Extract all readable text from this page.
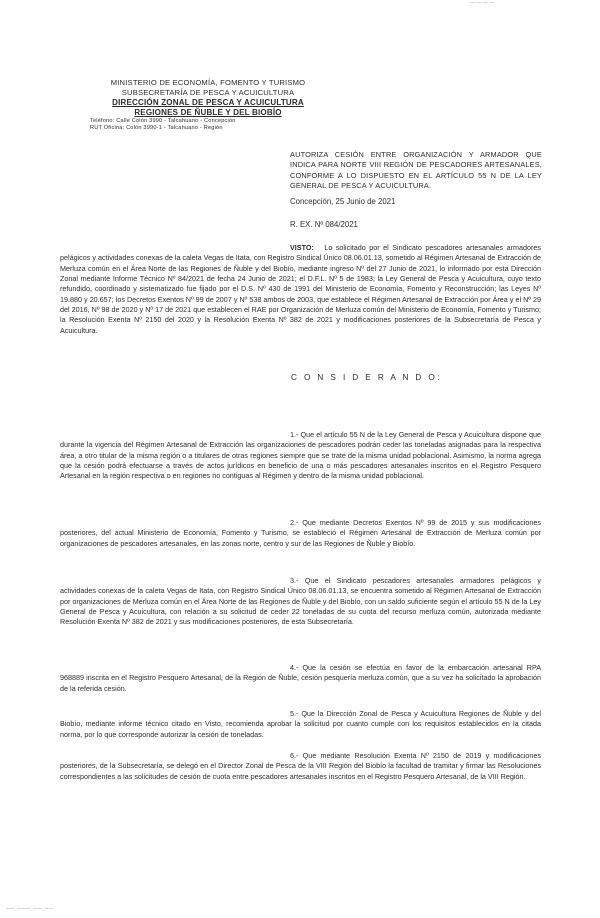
— — — —
MINISTERIO DE ECONOMÍA, FOMENTO Y TURISMO
SUBSECRETARÍA DE PESCA Y ACUICULTURA
DIRECCIÓN ZONAL DE PESCA Y ACUICULTURA
REGIONES DE ÑUBLE Y DEL BIOBÍO
Teléfono: Calle Colón 3990 - Talcahuano - Concepción
RUT Oficina: Colón 3990-1 - Talcahuano - Región
AUTORIZA CESIÓN ENTRE ORGANIZACIÓN Y ARMADOR QUE INDICA PARA NORTE VIII REGIÓN DE PESCADORES ARTESANALES, CONFORME A LO DISPUESTO EN EL ARTÍCULO 55 N DE LA LEY GENERAL DE PESCA Y ACUICULTURA.
Concepción, 25 Junio de 2021
R. EX. Nº 084/2021

VISTO: Lo solicitado por el Sindicato pescadores artesanales armadores pelágicos y actividades conexas de la caleta Vegas de Itata, con Registro Sindical Único 08.06.01.13, sometido al Régimen Artesanal de Extracción de Merluza común en el Área Norte de las Regiones de Ñuble y del Biobío, mediante ingreso Nº del 27 Junio de 2021, lo informado por esta Dirección Zonal mediante Informe Técnico Nº 84/2021 de fecha 24 Junio de 2021; el D.F.L. Nº 5 de 1983; la Ley General de Pesca y Acuicultura, cuyo texto refundido, coordinado y sistematizado fue fijado por el D.S. Nº 430 de 1991 del Ministerio de Economía, Fomento y Reconstrucción; las Leyes Nº 19.880 y 20.657; los Decretos Exentos Nº 99 de 2007 y Nº 538 ambos de 2003, que establece el Régimen Artesanal de Extracción por Área y el Nº 29 del 2016, Nº 98 de 2020 y Nº 17 de 2021 que establecen el RAE por Organización de Merluza común del Ministerio de Economía, Fomento y Turismo; la Resolución Exenta Nº 2150 del 2020 y la Resolución Exenta Nº 382 de 2021 y modificaciones posteriores de la Subsecretaría de Pesca y Acuicultura.

C O N S I D E R A N D O:

1.- Que el artículo 55 N de la Ley General de Pesca y Acuicultura dispone que durante la vigencia del Régimen Artesanal de Extracción las organizaciones de pescadores podrán ceder las toneladas asignadas para la respectiva área, a otro titular de la misma región o a titulares de otras regiones siempre que se trate de la misma unidad poblacional. Asimismo, la norma agrega que la cesión podrá efectuarse a través de actos jurídicos en beneficio de una o más pescadores artesanales inscritos en el Registro Pesquero Artesanal en la región respectiva o en regiones no contiguas al Régimen y dentro de la misma unidad poblacional.

2.- Que mediante Decretos Exentos Nº 99 de 2015 y sus modificaciones posteriores, del actual Ministerio de Economía, Fomento y Turismo, se estableció el Régimen Artesanal de Extracción de Merluza común por organizaciones de pescadores artesanales, en las zonas norte, centro y sur de las Regiones de Ñuble y Biobío.

3.- Que el Sindicato pescadores artesanales armadores pelágicos y actividades conexas de la caleta Vegas de Itata, con Registro Sindical Único 08.06.01.13, se encuentra sometido al Régimen Artesanal de Extracción por organizaciones de Merluza común en el Área Norte de las Regiones de Ñuble y del Biobío, con un saldo suficiente según el artículo 55 N de la Ley General de Pesca y Acuicultura, con relación a su solicitud de ceder 22 toneladas de su cuota del recurso merluza común, autorizada mediante Resolución Exenta Nº 382 de 2021 y sus modificaciones posteriores, de esta Subsecretaría.

4.- Que la cesión se efectúa en favor de la embarcación artesanal RPA 968889 inscrita en el Registro Pesquero Artesanal, de la Región de Ñuble, cesión pesquería merluza común, que a su vez ha solicitado la aprobación de la referida cesión.

5.- Que la Dirección Zonal de Pesca y Acuicultura Regiones de Ñuble y del Biobío, mediante informe técnico citado en Visto, recomienda aprobar la solicitud por cuanto cumple con los requisitos establecidos en la citada norma, por lo que corresponde autorizar la cesión de toneladas.

6.- Que mediante Resolución Exenta Nº 2150 de 2019 y modificaciones posteriores, de la Subsecretaría, se delegó en el Director Zonal de Pesca de la VIII Región del Biobío la facultad de tramitar y firmar las Resoluciones correspondientes a las solicitudes de cesión de cuota entre pescadores artesanales inscritos en el Registro Pesquero Artesanal, de la VIII Región.

── ─── ── ──
